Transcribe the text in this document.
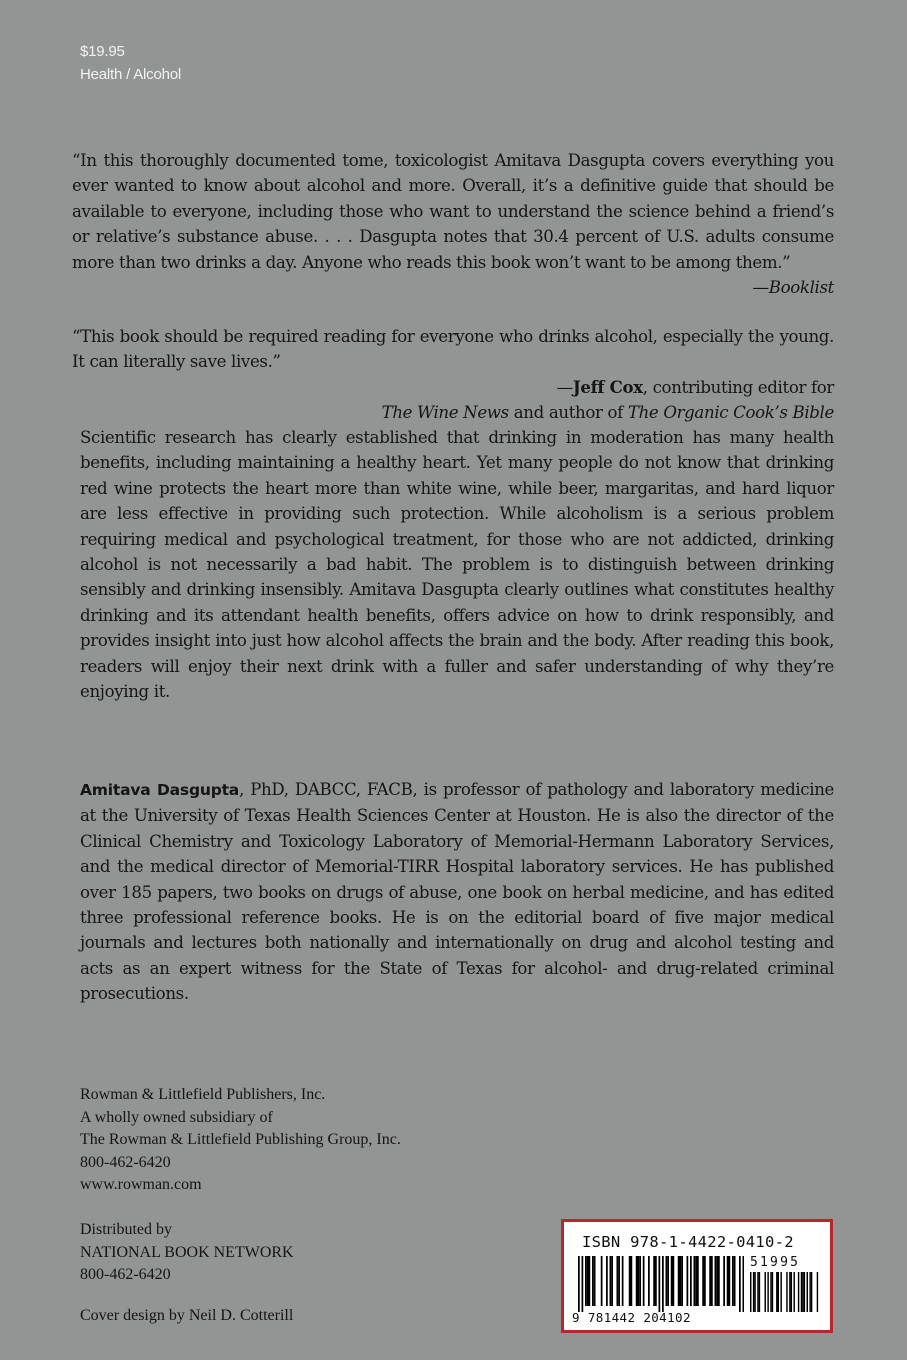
$19.95
Health / Alcohol
“In this thoroughly documented tome, toxicologist Amitava Dasgupta covers everything you ever wanted to know about alcohol and more. Overall, it’s a definitive guide that should be available to everyone, including those who want to understand the science behind a friend’s or relative’s substance abuse. . . . Dasgupta notes that 30.4 percent of U.S. adults consume more than two drinks a day. Anyone who reads this book won’t want to be among them.”
—Booklist
“This book should be required reading for everyone who drinks alcohol, especially the young. It can literally save lives.”
—Jeff Cox, contributing editor for
The Wine News and author of The Organic Cook’s Bible
Scientific research has clearly established that drinking in moderation has many health benefits, including maintaining a healthy heart. Yet many people do not know that drinking red wine protects the heart more than white wine, while beer, margaritas, and hard liquor are less effective in providing such protection. While alcoholism is a serious problem requiring medical and psychological treatment, for those who are not addicted, drinking alcohol is not necessarily a bad habit. The problem is to distinguish between drinking sensibly and drinking insensibly. Amitava Dasgupta clearly outlines what constitutes healthy drinking and its attendant health benefits, offers advice on how to drink responsibly, and provides insight into just how alcohol affects the brain and the body. After reading this book, readers will enjoy their next drink with a fuller and safer understanding of why they’re enjoying it.
Amitava Dasgupta, PhD, DABCC, FACB, is professor of pathology and laboratory medicine at the University of Texas Health Sciences Center at Houston. He is also the director of the Clinical Chemistry and Toxicology Laboratory of Memorial-Hermann Laboratory Services, and the medical director of Memorial-TIRR Hospital laboratory services. He has published over 185 papers, two books on drugs of abuse, one book on herbal medicine, and has edited three professional reference books. He is on the editorial board of five major medical journals and lectures both nationally and internationally on drug and alcohol testing and acts as an expert witness for the State of Texas for alcohol- and drug-related criminal prosecutions.
Rowman & Littlefield Publishers, Inc.
A wholly owned subsidiary of
The Rowman & Littlefield Publishing Group, Inc.
800-462-6420
www.rowman.com
Distributed by
NATIONAL BOOK NETWORK
800-462-6420
Cover design by Neil D. Cotterill
ISBN 978-1-4422-0410-2
51995
9 781442 204102
